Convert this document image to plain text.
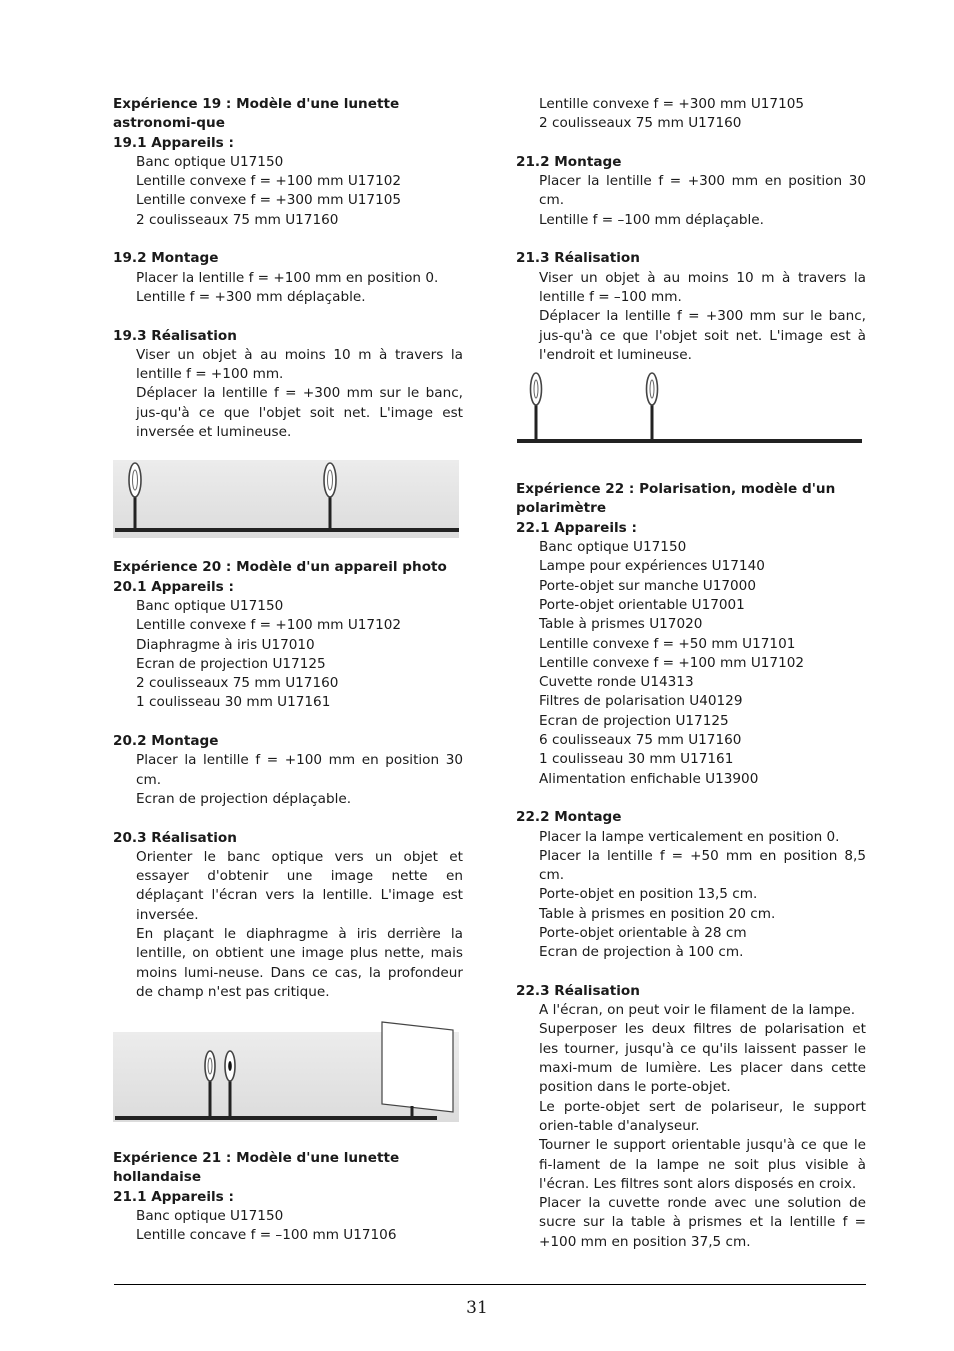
Expérience 19 : Modèle d'une lunette astronomi-que
19.1 Appareils :
Banc optique U17150
Lentille convexe f = +100 mm U17102
Lentille convexe f = +300 mm U17105
2 coulisseaux 75 mm U17160
19.2 Montage
Placer la lentille f = +100 mm en position 0.
Lentille f = +300 mm déplaçable.
19.3 Réalisation
Viser un objet à au moins 10 m à travers la lentille f = +100 mm.
Déplacer la lentille f = +300 mm sur le banc, jus-qu'à ce que l'objet soit net. L'image est inversée et lumineuse.
Expérience 20 : Modèle d'un appareil photo
20.1 Appareils :
Banc optique U17150
Lentille convexe f = +100 mm U17102
Diaphragme à iris U17010
Ecran de projection U17125
2 coulisseaux 75 mm U17160
1 coulisseau 30 mm U17161
20.2 Montage
Placer la lentille f = +100 mm en position 30 cm.
Ecran de projection déplaçable.
20.3 Réalisation
Orienter le banc optique vers un objet et essayer d'obtenir une image nette en déplaçant l'écran vers la lentille. L'image est inversée.
En plaçant le diaphragme à iris derrière la lentille, on obtient une image plus nette, mais moins lumi-neuse. Dans ce cas, la profondeur de champ n'est pas critique.
Expérience 21 : Modèle d'une lunette hollandaise
21.1 Appareils :
Banc optique U17150
Lentille concave f = –100 mm U17106
Lentille convexe f = +300 mm U17105
2 coulisseaux 75 mm U17160
21.2 Montage
Placer la lentille f = +300 mm en position 30 cm.
Lentille f = –100 mm déplaçable.
21.3 Réalisation
Viser un objet à au moins 10 m à travers la lentille f = –100 mm.
Déplacer la lentille f = +300 mm sur le banc, jus-qu'à ce que l'objet soit net. L'image est à l'endroit et lumineuse.
Expérience 22 : Polarisation, modèle d'un polarimètre
22.1 Appareils :
Banc optique U17150
Lampe pour expériences U17140
Porte-objet sur manche U17000
Porte-objet orientable U17001
Table à prismes U17020
Lentille convexe f = +50 mm U17101
Lentille convexe f = +100 mm U17102
Cuvette ronde U14313
Filtres de polarisation U40129
Ecran de projection U17125
6 coulisseaux 75 mm U17160
1 coulisseau 30 mm U17161
Alimentation enfichable U13900
22.2 Montage
Placer la lampe verticalement en position 0.
Placer la lentille f = +50 mm en position 8,5 cm.
Porte-objet en position 13,5 cm.
Table à prismes en position 20 cm.
Porte-objet orientable à 28 cm
Ecran de projection à 100 cm.
22.3 Réalisation
A l'écran, on peut voir le filament de la lampe.
Superposer les deux filtres de polarisation et les tourner, jusqu'à ce qu'ils laissent passer le maxi-mum de lumière. Les placer dans cette position dans le porte-objet.
Le porte-objet sert de polariseur, le support orien-table d'analyseur.
Tourner le support orientable jusqu'à ce que le fi-lament de la lampe ne soit plus visible à l'écran. Les filtres sont alors disposés en croix.
Placer la cuvette ronde avec une solution de sucre sur la table à prismes et la lentille f = +100 mm en position 37,5 cm.
31
